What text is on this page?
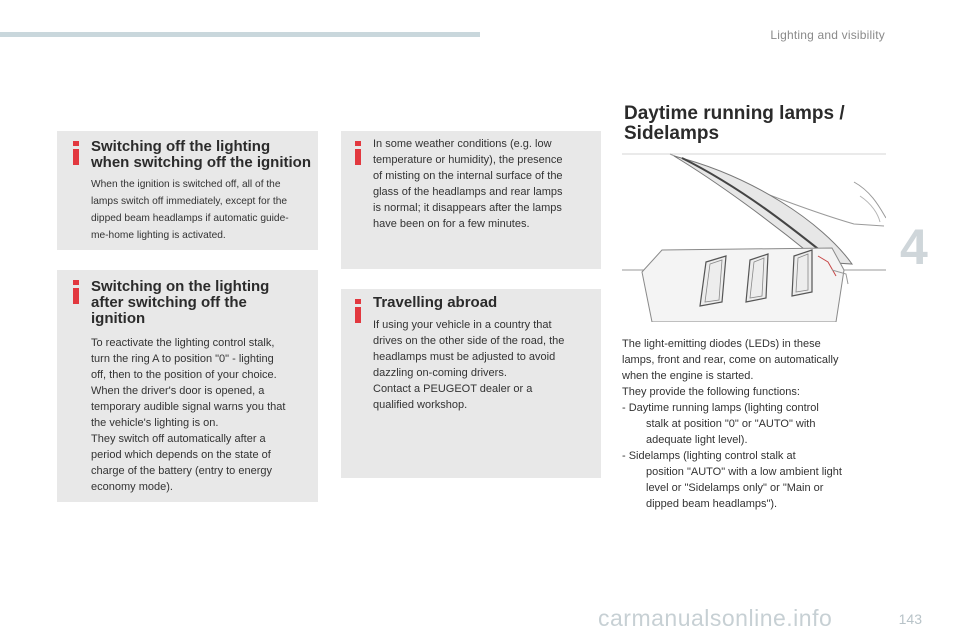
Lighting and visibility
4
143
carmanualsonline.info
Switching off the lighting
when switching off the ignition

When the ignition is switched off, all of the
lamps switch off immediately, except for the
dipped beam headlamps if automatic guide-
me-home lighting is activated.

Switching on the lighting
after switching off the
ignition

To reactivate the lighting control stalk,
turn the ring A to position "0" - lighting
off, then to the position of your choice.
When the driver's door is opened, a
temporary audible signal warns you that
the vehicle's lighting is on.
They switch off automatically after a
period which depends on the state of
charge of the battery (entry to energy
economy mode).

In some weather conditions (e.g. low
temperature or humidity), the presence
of misting on the internal surface of the
glass of the headlamps and rear lamps
is normal; it disappears after the lamps
have been on for a few minutes.

Travelling abroad

If using your vehicle in a country that
drives on the other side of the road, the
headlamps must be adjusted to avoid
dazzling on-coming drivers.
Contact a PEUGEOT dealer or a
qualified workshop.

Daytime running lamps /
Sidelamps
The light-emitting diodes (LEDs) in these
lamps, front and rear, come on automatically
when the engine is started.
They provide the following functions:
- Daytime running lamps (lighting control
stalk at position "0" or "AUTO" with
adequate light level).
- Sidelamps (lighting control stalk at
position "AUTO" with a low ambient light
level or "Sidelamps only" or "Main or
dipped beam headlamps").
